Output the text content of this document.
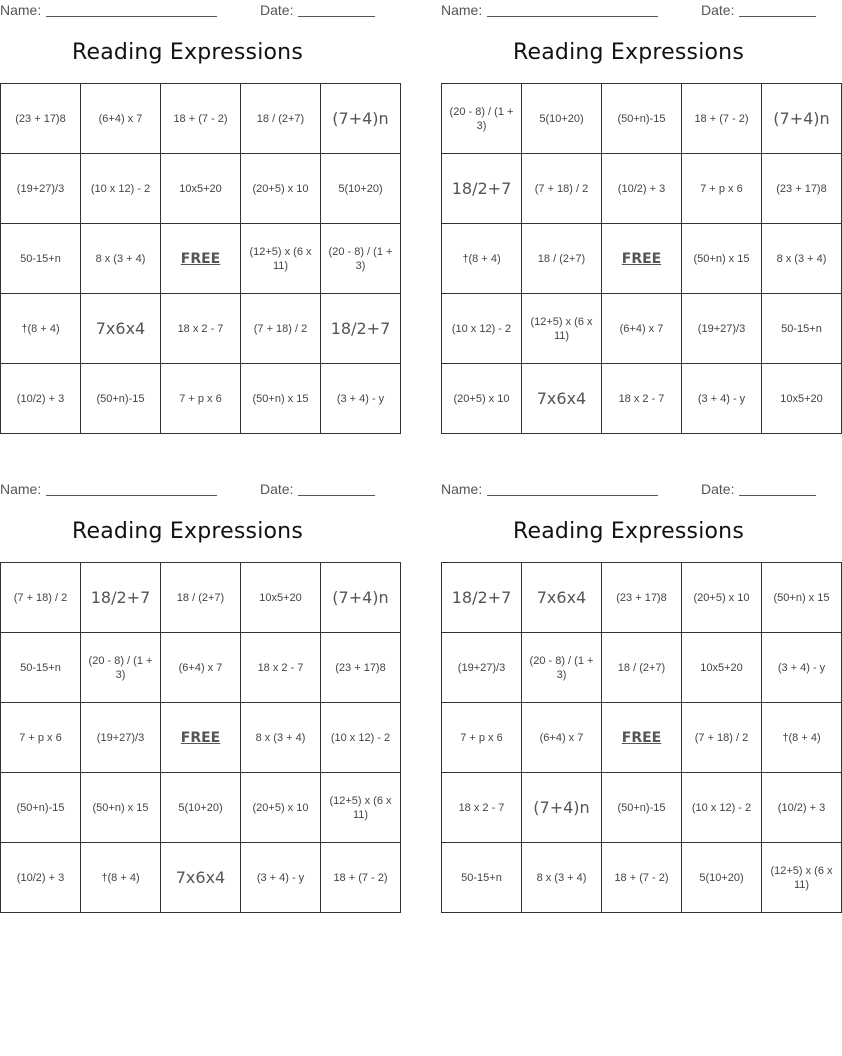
Name:	Date:
Reading Expressions
(23 + 17)8	(6+4) x 7	18 + (7 - 2)	18 / (2+7)	(7+4)n
(19+27)/3	(10 x 12) - 2	10x5+20	(20+5) x 10	5(10+20)
50-15+n	8 x (3 + 4)	FREE	(12+5) x (6 x 11)	(20 - 8) / (1 + 3)
†(8 + 4)	7x6x4	18 x 2 - 7	(7 + 18) / 2	18/2+7
(10/2) + 3	(50+n)-15	7 + p x 6	(50+n) x 15	(3 + 4) - y
Name:	Date:
Reading Expressions
(20 - 8) / (1 + 3)	5(10+20)	(50+n)-15	18 + (7 - 2)	(7+4)n
18/2+7	(7 + 18) / 2	(10/2) + 3	7 + p x 6	(23 + 17)8
†(8 + 4)	18 / (2+7)	FREE	(50+n) x 15	8 x (3 + 4)
(10 x 12) - 2	(12+5) x (6 x 11)	(6+4) x 7	(19+27)/3	50-15+n
(20+5) x 10	7x6x4	18 x 2 - 7	(3 + 4) - y	10x5+20
Name:	Date:
Reading Expressions
(7 + 18) / 2	18/2+7	18 / (2+7)	10x5+20	(7+4)n
50-15+n	(20 - 8) / (1 + 3)	(6+4) x 7	18 x 2 - 7	(23 + 17)8
7 + p x 6	(19+27)/3	FREE	8 x (3 + 4)	(10 x 12) - 2
(50+n)-15	(50+n) x 15	5(10+20)	(20+5) x 10	(12+5) x (6 x 11)
(10/2) + 3	†(8 + 4)	7x6x4	(3 + 4) - y	18 + (7 - 2)
Name:	Date:
Reading Expressions
18/2+7	7x6x4	(23 + 17)8	(20+5) x 10	(50+n) x 15
(19+27)/3	(20 - 8) / (1 + 3)	18 / (2+7)	10x5+20	(3 + 4) - y
7 + p x 6	(6+4) x 7	FREE	(7 + 18) / 2	†(8 + 4)
18 x 2 - 7	(7+4)n	(50+n)-15	(10 x 12) - 2	(10/2) + 3
50-15+n	8 x (3 + 4)	18 + (7 - 2)	5(10+20)	(12+5) x (6 x 11)
